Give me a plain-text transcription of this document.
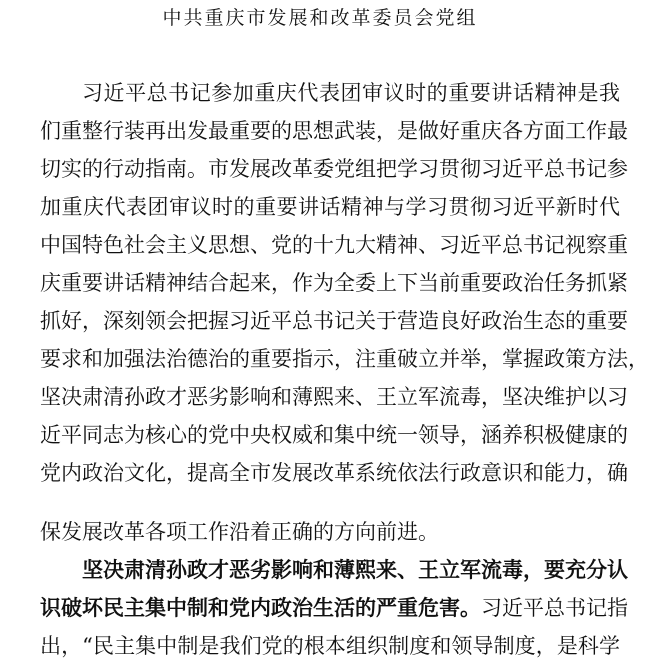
中共重庆市发展和改革委员会党组
习近平总书记参加重庆代表团审议时的重要讲话精神是我
们重整行装再出发最重要的思想武装，是做好重庆各方面工作最
切实的行动指南。市发展改革委党组把学习贯彻习近平总书记参
加重庆代表团审议时的重要讲话精神与学习贯彻习近平新时代
中国特色社会主义思想、党的十九大精神、习近平总书记视察重
庆重要讲话精神结合起来，作为全委上下当前重要政治任务抓紧
抓好，深刻领会把握习近平总书记关于营造良好政治生态的重要
要求和加强法治德治的重要指示，注重破立并举，掌握政策方法，
坚决肃清孙政才恶劣影响和薄熙来、王立军流毒，坚决维护以习
近平同志为核心的党中央权威和集中统一领导，涵养积极健康的
党内政治文化，提高全市发展改革系统依法行政意识和能力，确
保发展改革各项工作沿着正确的方向前进。
坚决肃清孙政才恶劣影响和薄熙来、王立军流毒，要充分认
识破坏民主集中制和党内政治生活的严重危害。习近平总书记指
出，“民主集中制是我们党的根本组织制度和领导制度，是科学
